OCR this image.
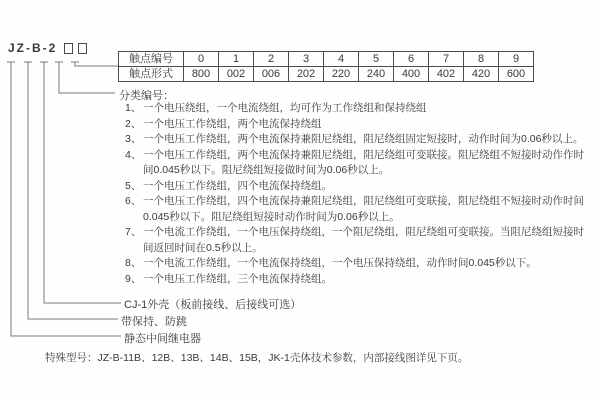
JZ-B-2
触点编号	0	1	2	3	4	5	6	7	8	9
触点形式	800	002	006	202	220	240	400	402	420	600
分类编号：
1、 一个电压绕组，一个电流绕组，均可作为工作绕组和保持绕组
2、 一个电压工作绕组，两个电流保持绕组
3、 一个电压工作绕组，两个电流保持兼阻尼绕组，阻尼绕组固定短接时，动作时间为0.06秒以上。
4、 一个电压工作绕组，两个电流保持兼阻尼绕组，阻尼绕组可变联接。阻尼绕组不短接时动作作时间0.045秒以下。阻尼绕组短接做时间为0.06秒以上。
5、 一个电压工作绕组，四个电流保持绕组。
6、 一个电压工作绕组，四个电流保持兼阻尼绕组，阻尼绕组可变联接，阻尼绕组不短接时动作时间0.045秒以下。阻尼绕组短接时动作时间为0.06秒以上。
7、 一个电流工作绕组，一个电压保持绕组，一个阻尼绕组，阻尼绕组可变联接。当阻尼绕组短接时间返回时间在0.5秒以上。
8、 一个电流工作绕组，一个电流保持绕组，一个电压保持绕组，动作时间0.045秒以下。
9、 一个电压工作绕组，三个电流保持绕组。
CJ-1外壳（板前接线、后接线可选）
带保持、防跳
静态中间继电器
特殊型号：JZ-B-11B、12B、13B、14B、15B，JK-1壳体技术参数，内部接线图详见下页。
